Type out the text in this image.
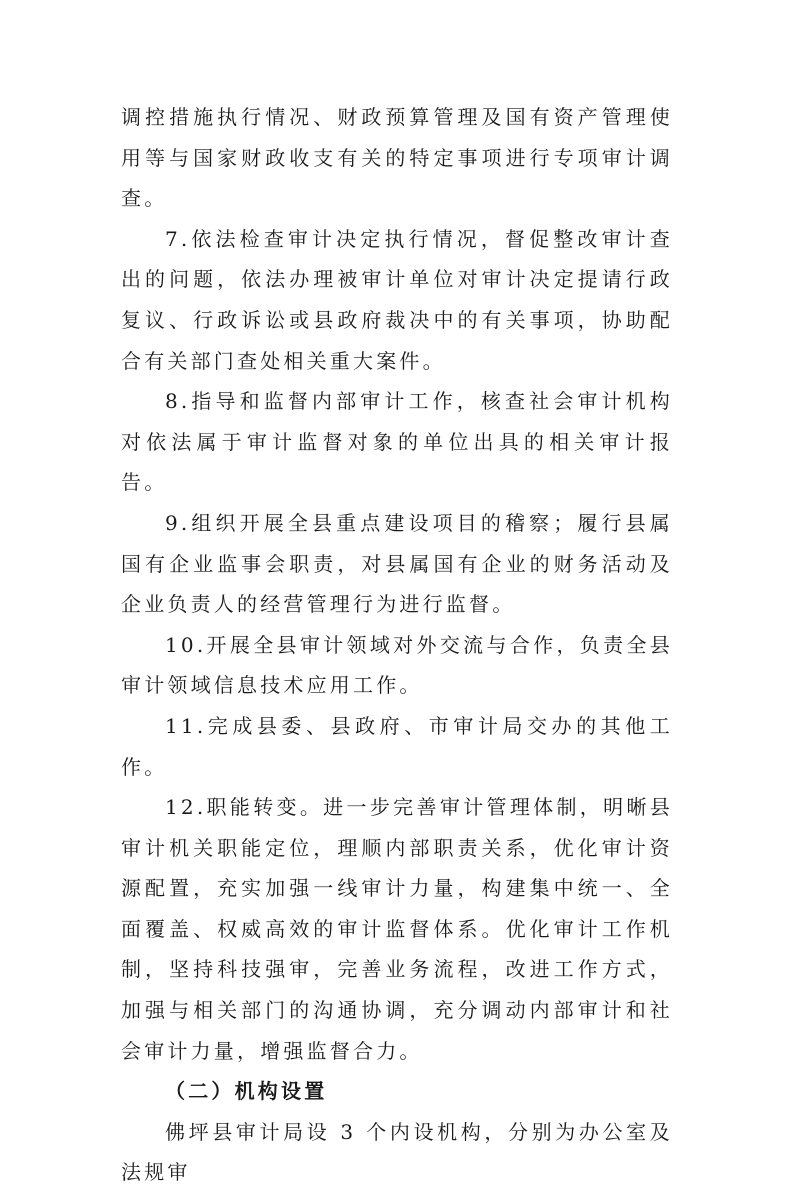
调控措施执行情况、财政预算管理及国有资产管理使用等与国家财政收支有关的特定事项进行专项审计调查。

7.依法检查审计决定执行情况，督促整改审计查出的问题，依法办理被审计单位对审计决定提请行政复议、行政诉讼或县政府裁决中的有关事项，协助配合有关部门查处相关重大案件。

8.指导和监督内部审计工作，核查社会审计机构对依法属于审计监督对象的单位出具的相关审计报告。

9.组织开展全县重点建设项目的稽察；履行县属国有企业监事会职责，对县属国有企业的财务活动及企业负责人的经营管理行为进行监督。

10.开展全县审计领域对外交流与合作，负责全县审计领域信息技术应用工作。

11.完成县委、县政府、市审计局交办的其他工作。

12.职能转变。进一步完善审计管理体制，明晰县审计机关职能定位，理顺内部职责关系，优化审计资源配置，充实加强一线审计力量，构建集中统一、全面覆盖、权威高效的审计监督体系。优化审计工作机制，坚持科技强审，完善业务流程，改进工作方式，加强与相关部门的沟通协调，充分调动内部审计和社会审计力量，增强监督合力。

（二）机构设置

佛坪县审计局设 3 个内设机构，分别为办公室及法规审
